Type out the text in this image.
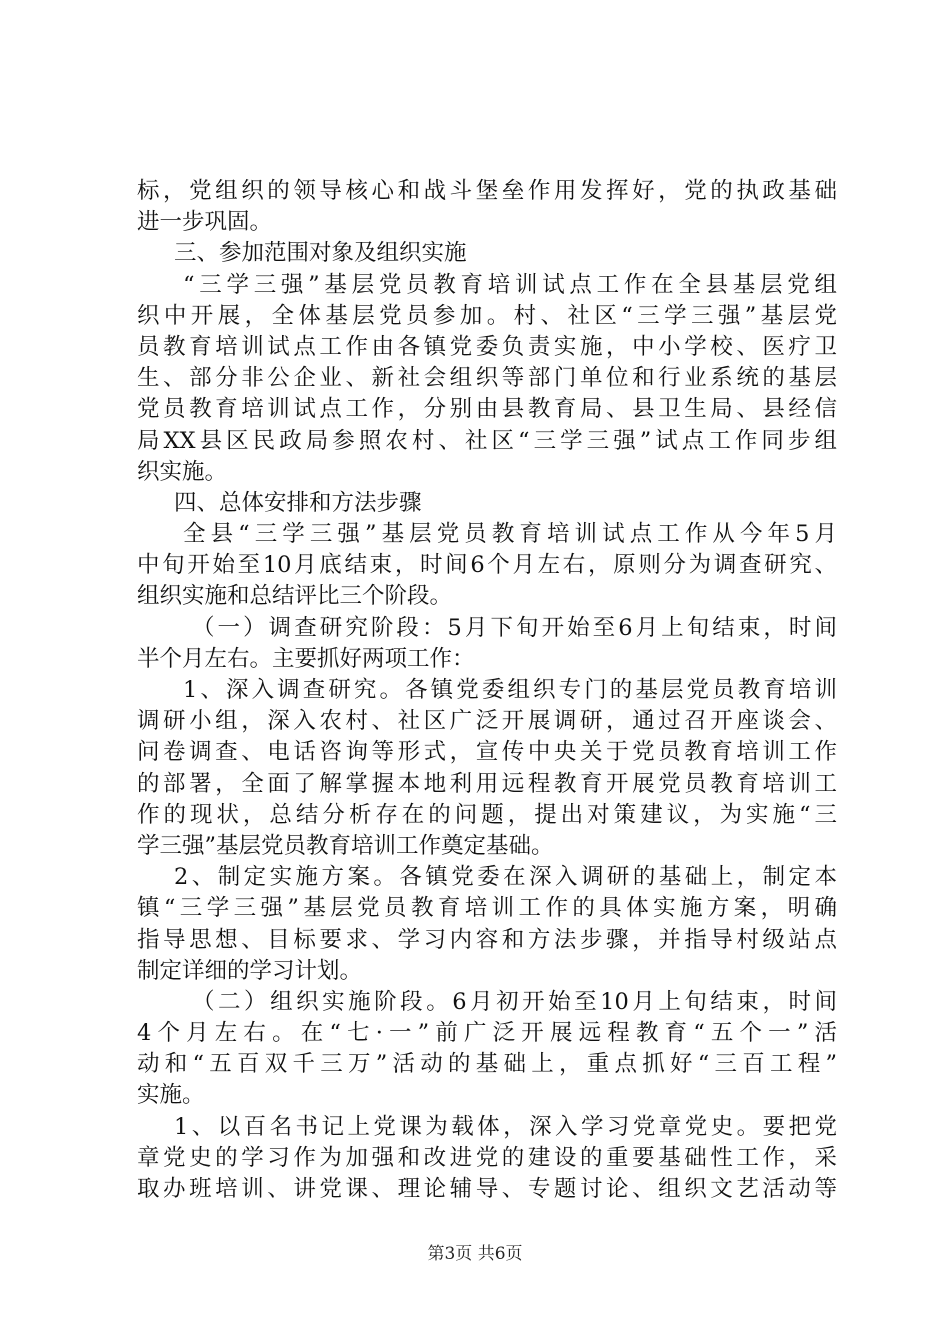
标，党组织的领导核心和战斗堡垒作用发挥好，党的执政基础
进一步巩固。
三、参加范围对象及组织实施
“三学三强”基层党员教育培训试点工作在全县基层党组
织中开展，全体基层党员参加。村、社区“三学三强”基层党
员教育培训试点工作由各镇党委负责实施，中小学校、医疗卫
生、部分非公企业、新社会组织等部门单位和行业系统的基层
党员教育培训试点工作，分别由县教育局、县卫生局、县经信
局XX县区民政局参照农村、社区“三学三强”试点工作同步组
织实施。
四、总体安排和方法步骤
全县“三学三强”基层党员教育培训试点工作从今年5月
中旬开始至10月底结束，时间6个月左右，原则分为调查研究、
组织实施和总结评比三个阶段。
（一）调查研究阶段：5月下旬开始至6月上旬结束，时间
半个月左右。主要抓好两项工作：
1、深入调查研究。各镇党委组织专门的基层党员教育培训
调研小组，深入农村、社区广泛开展调研，通过召开座谈会、
问卷调查、电话咨询等形式，宣传中央关于党员教育培训工作
的部署，全面了解掌握本地利用远程教育开展党员教育培训工
作的现状，总结分析存在的问题，提出对策建议，为实施“三
学三强”基层党员教育培训工作奠定基础。
2、制定实施方案。各镇党委在深入调研的基础上，制定本
镇“三学三强”基层党员教育培训工作的具体实施方案，明确
指导思想、目标要求、学习内容和方法步骤，并指导村级站点
制定详细的学习计划。
（二）组织实施阶段。6月初开始至10月上旬结束，时间
4个月左右。在“七·一”前广泛开展远程教育“五个一”活
动和“五百双千三万”活动的基础上，重点抓好“三百工程”
实施。
1、以百名书记上党课为载体，深入学习党章党史。要把党
章党史的学习作为加强和改进党的建设的重要基础性工作，采
取办班培训、讲党课、理论辅导、专题讨论、组织文艺活动等
第3页 共6页
